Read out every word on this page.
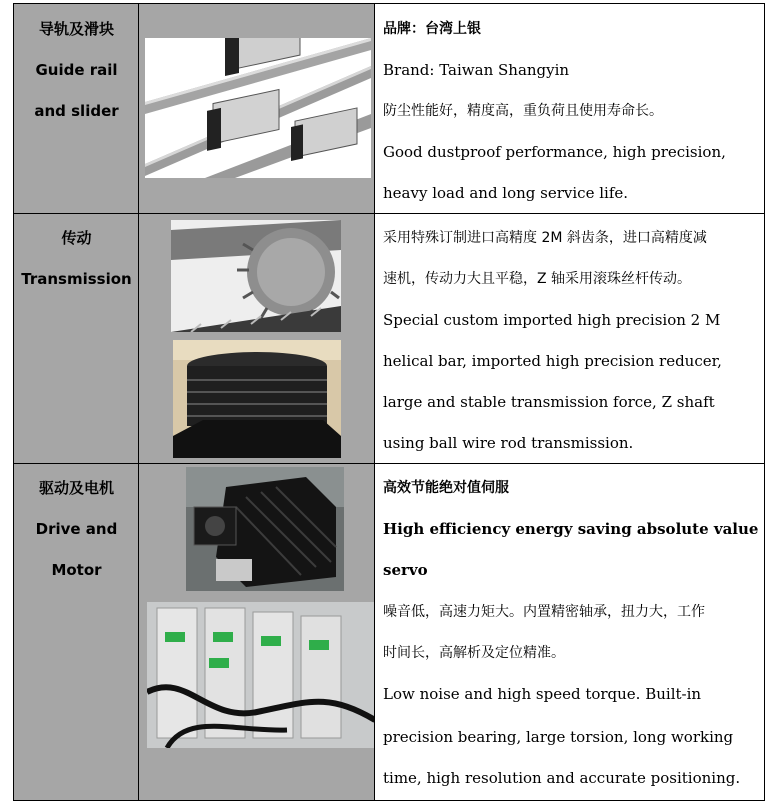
导轨及滑块
Guide rail
and slider
品牌：台湾上银
Brand: Taiwan Shangyin
防尘性能好，精度高，重负荷且使用寿命长。
Good dustproof performance, high precision,
heavy load and long service life.
传动
Transmission
采用特殊订制进口高精度 2M 斜齿条，进口高精度减
速机，传动力大且平稳，Z 轴采用滚珠丝杆传动。
Special custom imported high precision 2 M
helical bar, imported high precision reducer,
large and stable transmission force, Z shaft
using ball wire rod transmission.
驱动及电机
Drive and
Motor
高效节能绝对值伺服
High efficiency energy saving absolute value
servo
噪音低，高速力矩大。内置精密轴承，扭力大，工作
时间长，高解析及定位精准。
Low noise and high speed torque. Built-in
precision bearing, large torsion, long working
time, high resolution and accurate positioning.
